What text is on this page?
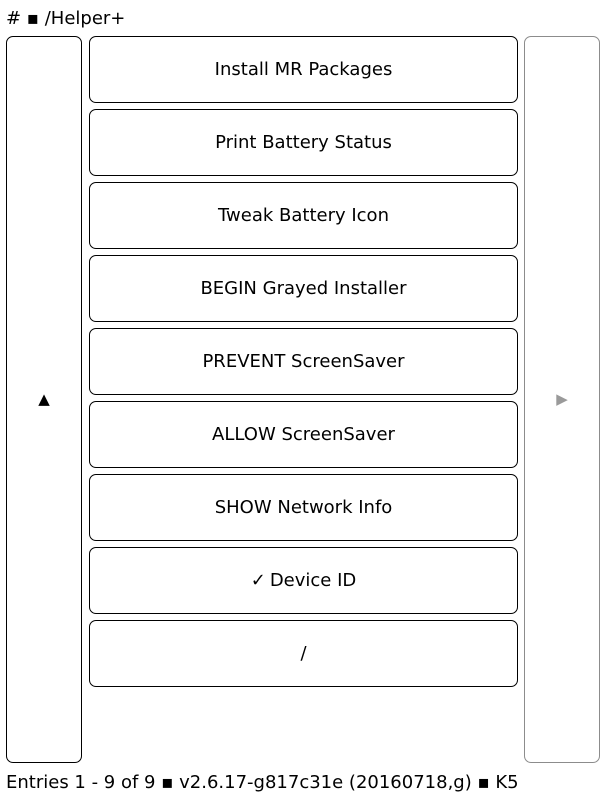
# ▪ /Helper+
▲
Install MR Packages
Print Battery Status
Tweak Battery Icon
BEGIN Grayed Installer
PREVENT ScreenSaver
ALLOW ScreenSaver
SHOW Network Info
✓ Device ID
/
▶
Entries 1 - 9 of 9 ▪ v2.6.17-g817c31e (20160718,g) ▪ K5
